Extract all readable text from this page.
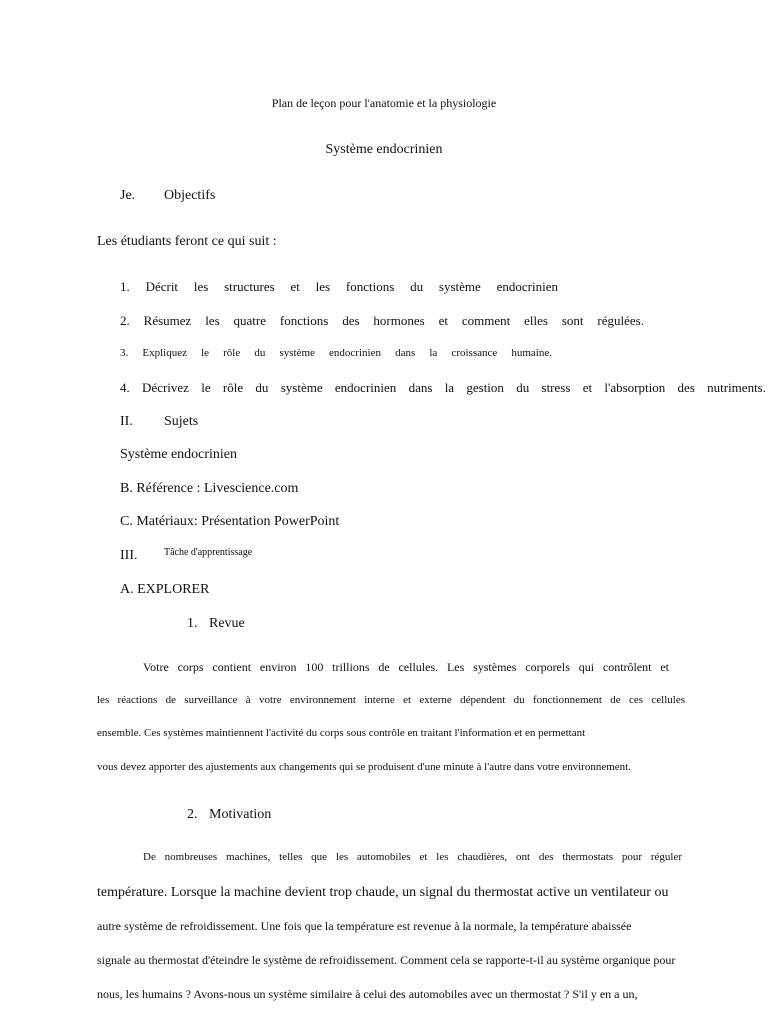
Plan de leçon pour l'anatomie et la physiologie
Système endocrinien
Je. Objectifs
Les étudiants feront ce qui suit :
1. Décrit les structures et les fonctions du système endocrinien
2. Résumez les quatre fonctions des hormones et comment elles sont régulées.
3. Expliquez le rôle du système endocrinien dans la croissance humaine.
4. Décrivez le rôle du système endocrinien dans la gestion du stress et l'absorption des nutriments.
II. Sujets
Système endocrinien
B. Référence : Livescience.com
C. Matériaux: Présentation PowerPoint
III.	Tâche d'apprentissage
A. EXPLORER
1. Revue
Votre corps contient environ 100 trillions de cellules. Les systèmes corporels qui contrôlent et
les réactions de surveillance à votre environnement interne et externe dépendent du fonctionnement de ces cellules
ensemble. Ces systèmes maintiennent l'activité du corps sous contrôle en traitant l'information et en permettant
vous devez apporter des ajustements aux changements qui se produisent d'une minute à l'autre dans votre environnement.
2. Motivation
De nombreuses machines, telles que les automobiles et les chaudières, ont des thermostats pour réguler
température. Lorsque la machine devient trop chaude, un signal du thermostat active un ventilateur ou
autre système de refroidissement. Une fois que la température est revenue à la normale, la température abaissée
signale au thermostat d'éteindre le système de refroidissement. Comment cela se rapporte-t-il au système organique pour
nous, les humains ? Avons-nous un système similaire à celui des automobiles avec un thermostat ? S'il y en a un,
